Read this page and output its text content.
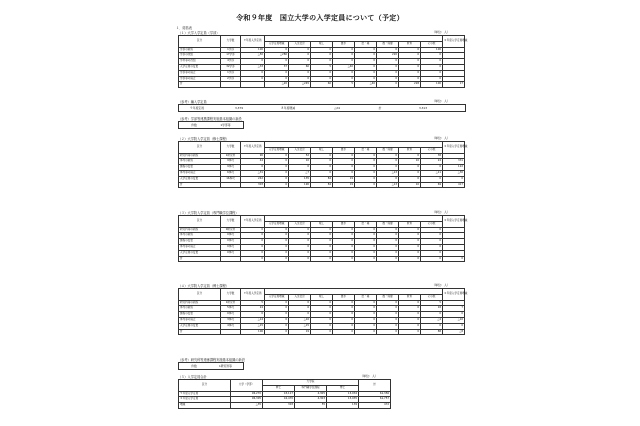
令和９年度　国立大学の入学定員について（予定）
１．総括表
（１）大学入学定員（学部）	（単位：人）
区分	大学数	９年度入学定員									８年度入学定員増減
			入学定員増減	入文社会	理工	農水	医・薬	農・保健	教育	その他	
学部の新設	1学部	100	0	0	0	0	0	0	0	100	
学部の改組	17学部	△50	△280	0	0	0	0	220	0	0	
学科等の改組	4学部	0	0	0	0	0	0	0	0	0	
入学定員の変更	32学部	△33	37	60	5	△40	0	0	0	0	
学部等の廃止	1学部	0	0	0	0	0	0	0	0	0	
学部等の廃止	2学部	0	0	0	0	0	0	0	0	0	
計			△20	△245	60	5	△40	0	228	100	17
（参考）編入学定員	（単位：人）
９年度定員	3,379	８年度増減	△24	計	3,313
（参考）学部等連携課程実施基本組織の新設
件数	1学部等
（２）大学院入学定員（修士課程）	（単位：人）
区分	大学数	９年度入学定員									８年度入学定員増減
			入学定員増減	入文社会	理工	農水	医・薬	農・保健	教育	その他	
研究科等の新設	1研究科	90	0	52	0	0	0	0	0	38	
専攻の新設	9専攻	44	0	10	0	0	0	0	10	24	331
課程の変更	9専攻	0	0	0	0	0	0	0	0	0	122
専攻等の廃止	6専攻	△31	0	△7	0	0	0	△13	0	△11	△30
入学定員の変更	16専攻	242	0	135	84	19	0	0	0	0	0
計		303	0	190	84	19	0	△13	10	69	417
（３）大学院入学定員（専門職学位課程）	（単位：人）
区分	大学数	９年度入学定員									８年度入学定員増減
			入学定員増減	入文社会	理工	農水	医・薬	農・保健	教育	その他	
研究科等の新設	0研究科	0	0	0	0	0	0	0	0	0	
専攻の新設	0専攻	0	0	0	0	0	0	0	0	0	
課程の変更	0専攻	0	0	0	0	0	0	0	0	0	
専攻等の廃止	0専攻	0	0	0	0	0	0	0	0	0	
入学定員の変更	0専攻	0	0	0	0	0	0	0	0	0	
計		0	0	0	0	0	0	0	0	0	0
（４）大学院入学定員（博士課程）	（単位：人）
区分	大学数	９年度入学定員									８年度入学定員増減
			入学定員増減	入文社会	理工	農水	医・薬	農・保健	教育	その他	
研究科等の新設	1研究科	5	0	0	0	0	0	0	0	5	
専攻の新設	5専攻	24	0	6	0	0	0	0	0	18	7
課程の変更	0専攻	0	0	0	0	0	0	0	0	0	0
専攻等の廃止	3専攻	△14	0	△10	0	0	0	0	0	△4	△10
入学定員の変更	4専攻	△15	0	△15	0	0	0	0	0	0	0
計		106	0	19	0	0	0	0	0	88	△8
（参考）研究科等連係課程実施基本組織の新設
件数	1研究科等
（５）入学定員合計	（単位：人）
区分	大学（学部）	大学院			計
		修士	専門職学位課程	博士	
９年度入学定員	96,270	43,117	4,305	13,934	61,356
８年度入学定員	96,305	42,470	4,303	13,935	61,757
増減	△35	303	55	139	472
